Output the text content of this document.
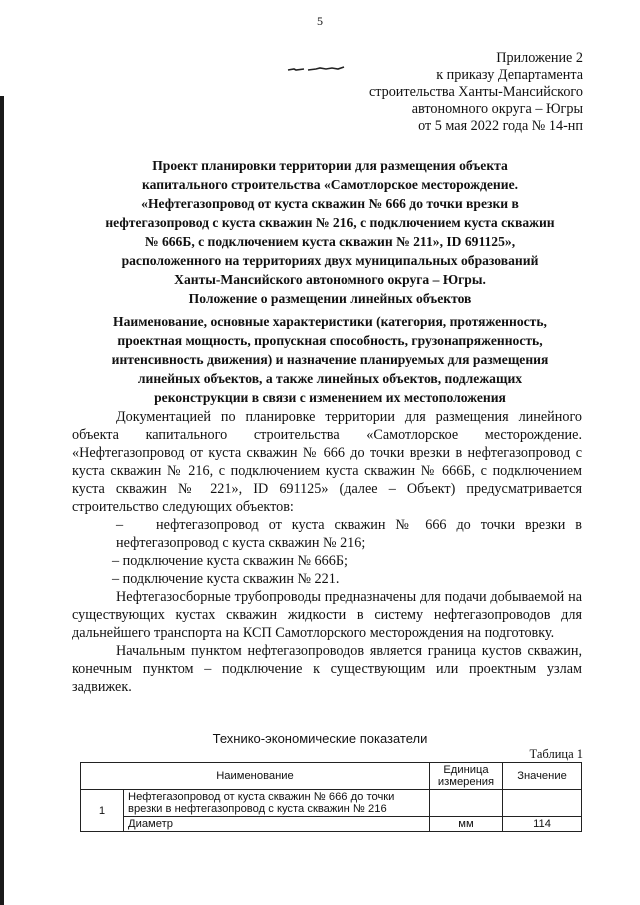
5
Приложение 2
к приказу Департамента
строительства Ханты-Мансийского
автономного округа – Югры
от 5 мая 2022 года № 14-нп
Проект планировки территории для размещения объекта
капитального строительства «Самотлорское месторождение.
«Нефтегазопровод от куста скважин № 666 до точки врезки в
нефтегазопровод с куста скважин № 216, с подключением куста скважин
№ 666Б, с подключением куста скважин № 211», ID 691125»,
расположенного на территориях двух муниципальных образований
Ханты-Мансийского автономного округа – Югры.
Положение о размещении линейных объектов
Наименование, основные характеристики (категория, протяженность,
проектная мощность, пропускная способность, грузонапряженность,
интенсивность движения) и назначение планируемых для размещения
линейных объектов, а также линейных объектов, подлежащих
реконструкции в связи с изменением их местоположения

Документацией по планировке территории для размещения линейного объекта капитального строительства «Самотлорское месторождение. «Нефтегазопровод от куста скважин № 666 до точки врезки в нефтегазопровод с куста скважин № 216, с подключением куста скважин № 666Б, с подключением куста скважин № 221», ID 691125» (далее – Объект) предусматривается строительство следующих объектов:

– нефтегазопровод от куста скважин № 666 до точки врезки в нефтегазопровод с куста скважин № 216;

– подключение куста скважин № 666Б;

– подключение куста скважин № 221.

Нефтегазосборные трубопроводы предназначены для подачи добываемой на существующих кустах скважин жидкости в систему нефтегазопроводов для дальнейшего транспорта на КСП Самотлорского месторождения на подготовку.

Начальным пунктом нефтегазопроводов является граница кустов скважин, конечным пунктом – подключение к существующим или проектным узлам задвижек.

Технико-экономические показатели
Таблица 1
Наименование		Единица измерения	Значение
1	Нефтегазопровод от куста скважин № 666 до точки врезки в нефтегазопровод с куста скважин № 216		
	Диаметр	мм	114
